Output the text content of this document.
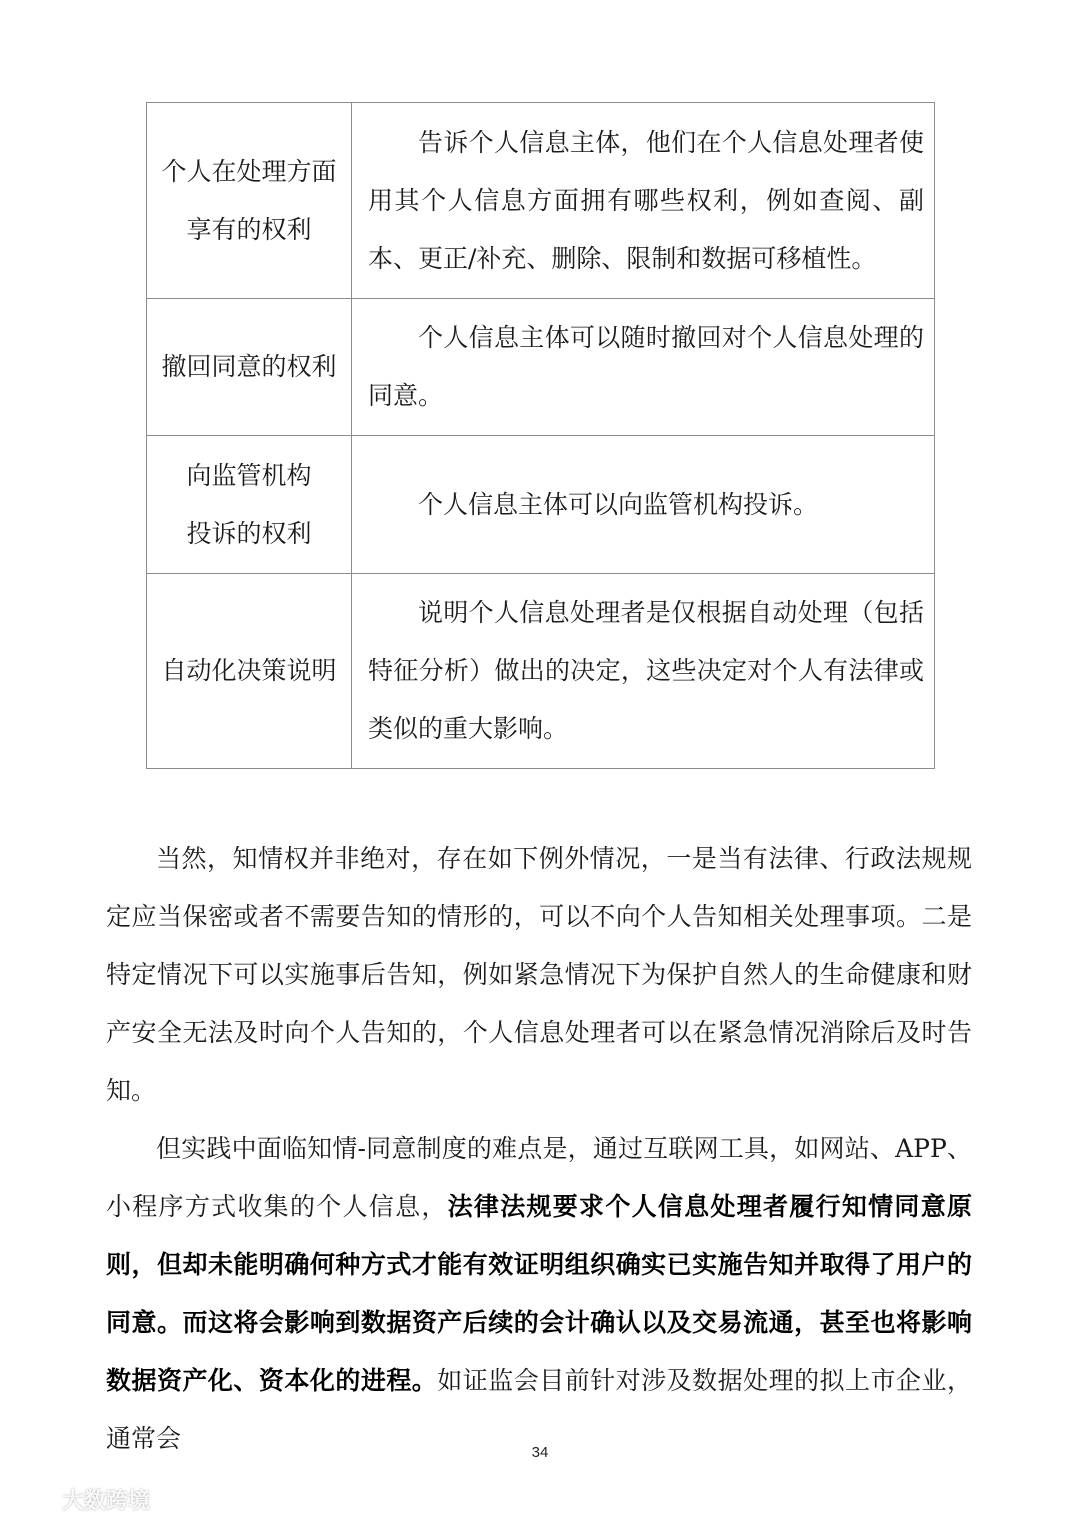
个人在处理方面
享有的权利	告诉个人信息主体，他们在个人信息处理者使用其个人信息方面拥有哪些权利，例如查阅、副本、更正/补充、删除、限制和数据可移植性。

撤回同意的权利	个人信息主体可以随时撤回对个人信息处理的同意。

向监管机构
投诉的权利	个人信息主体可以向监管机构投诉。

自动化决策说明	说明个人信息处理者是仅根据自动处理（包括特征分析）做出的决定，这些决定对个人有法律或类似的重大影响。

当然，知情权并非绝对，存在如下例外情况，一是当有法律、行政法规规定应当保密或者不需要告知的情形的，可以不向个人告知相关处理事项。二是特定情况下可以实施事后告知，例如紧急情况下为保护自然人的生命健康和财产安全无法及时向个人告知的，个人信息处理者可以在紧急情况消除后及时告知。

但实践中面临知情-同意制度的难点是，通过互联网工具，如网站、APP、小程序方式收集的个人信息，法律法规要求个人信息处理者履行知情同意原则，但却未能明确何种方式才能有效证明组织确实已实施告知并取得了用户的同意。而这将会影响到数据资产后续的会计确认以及交易流通，甚至也将影响数据资产化、资本化的进程。如证监会目前针对涉及数据处理的拟上市企业，通常会	34
大数跨境
